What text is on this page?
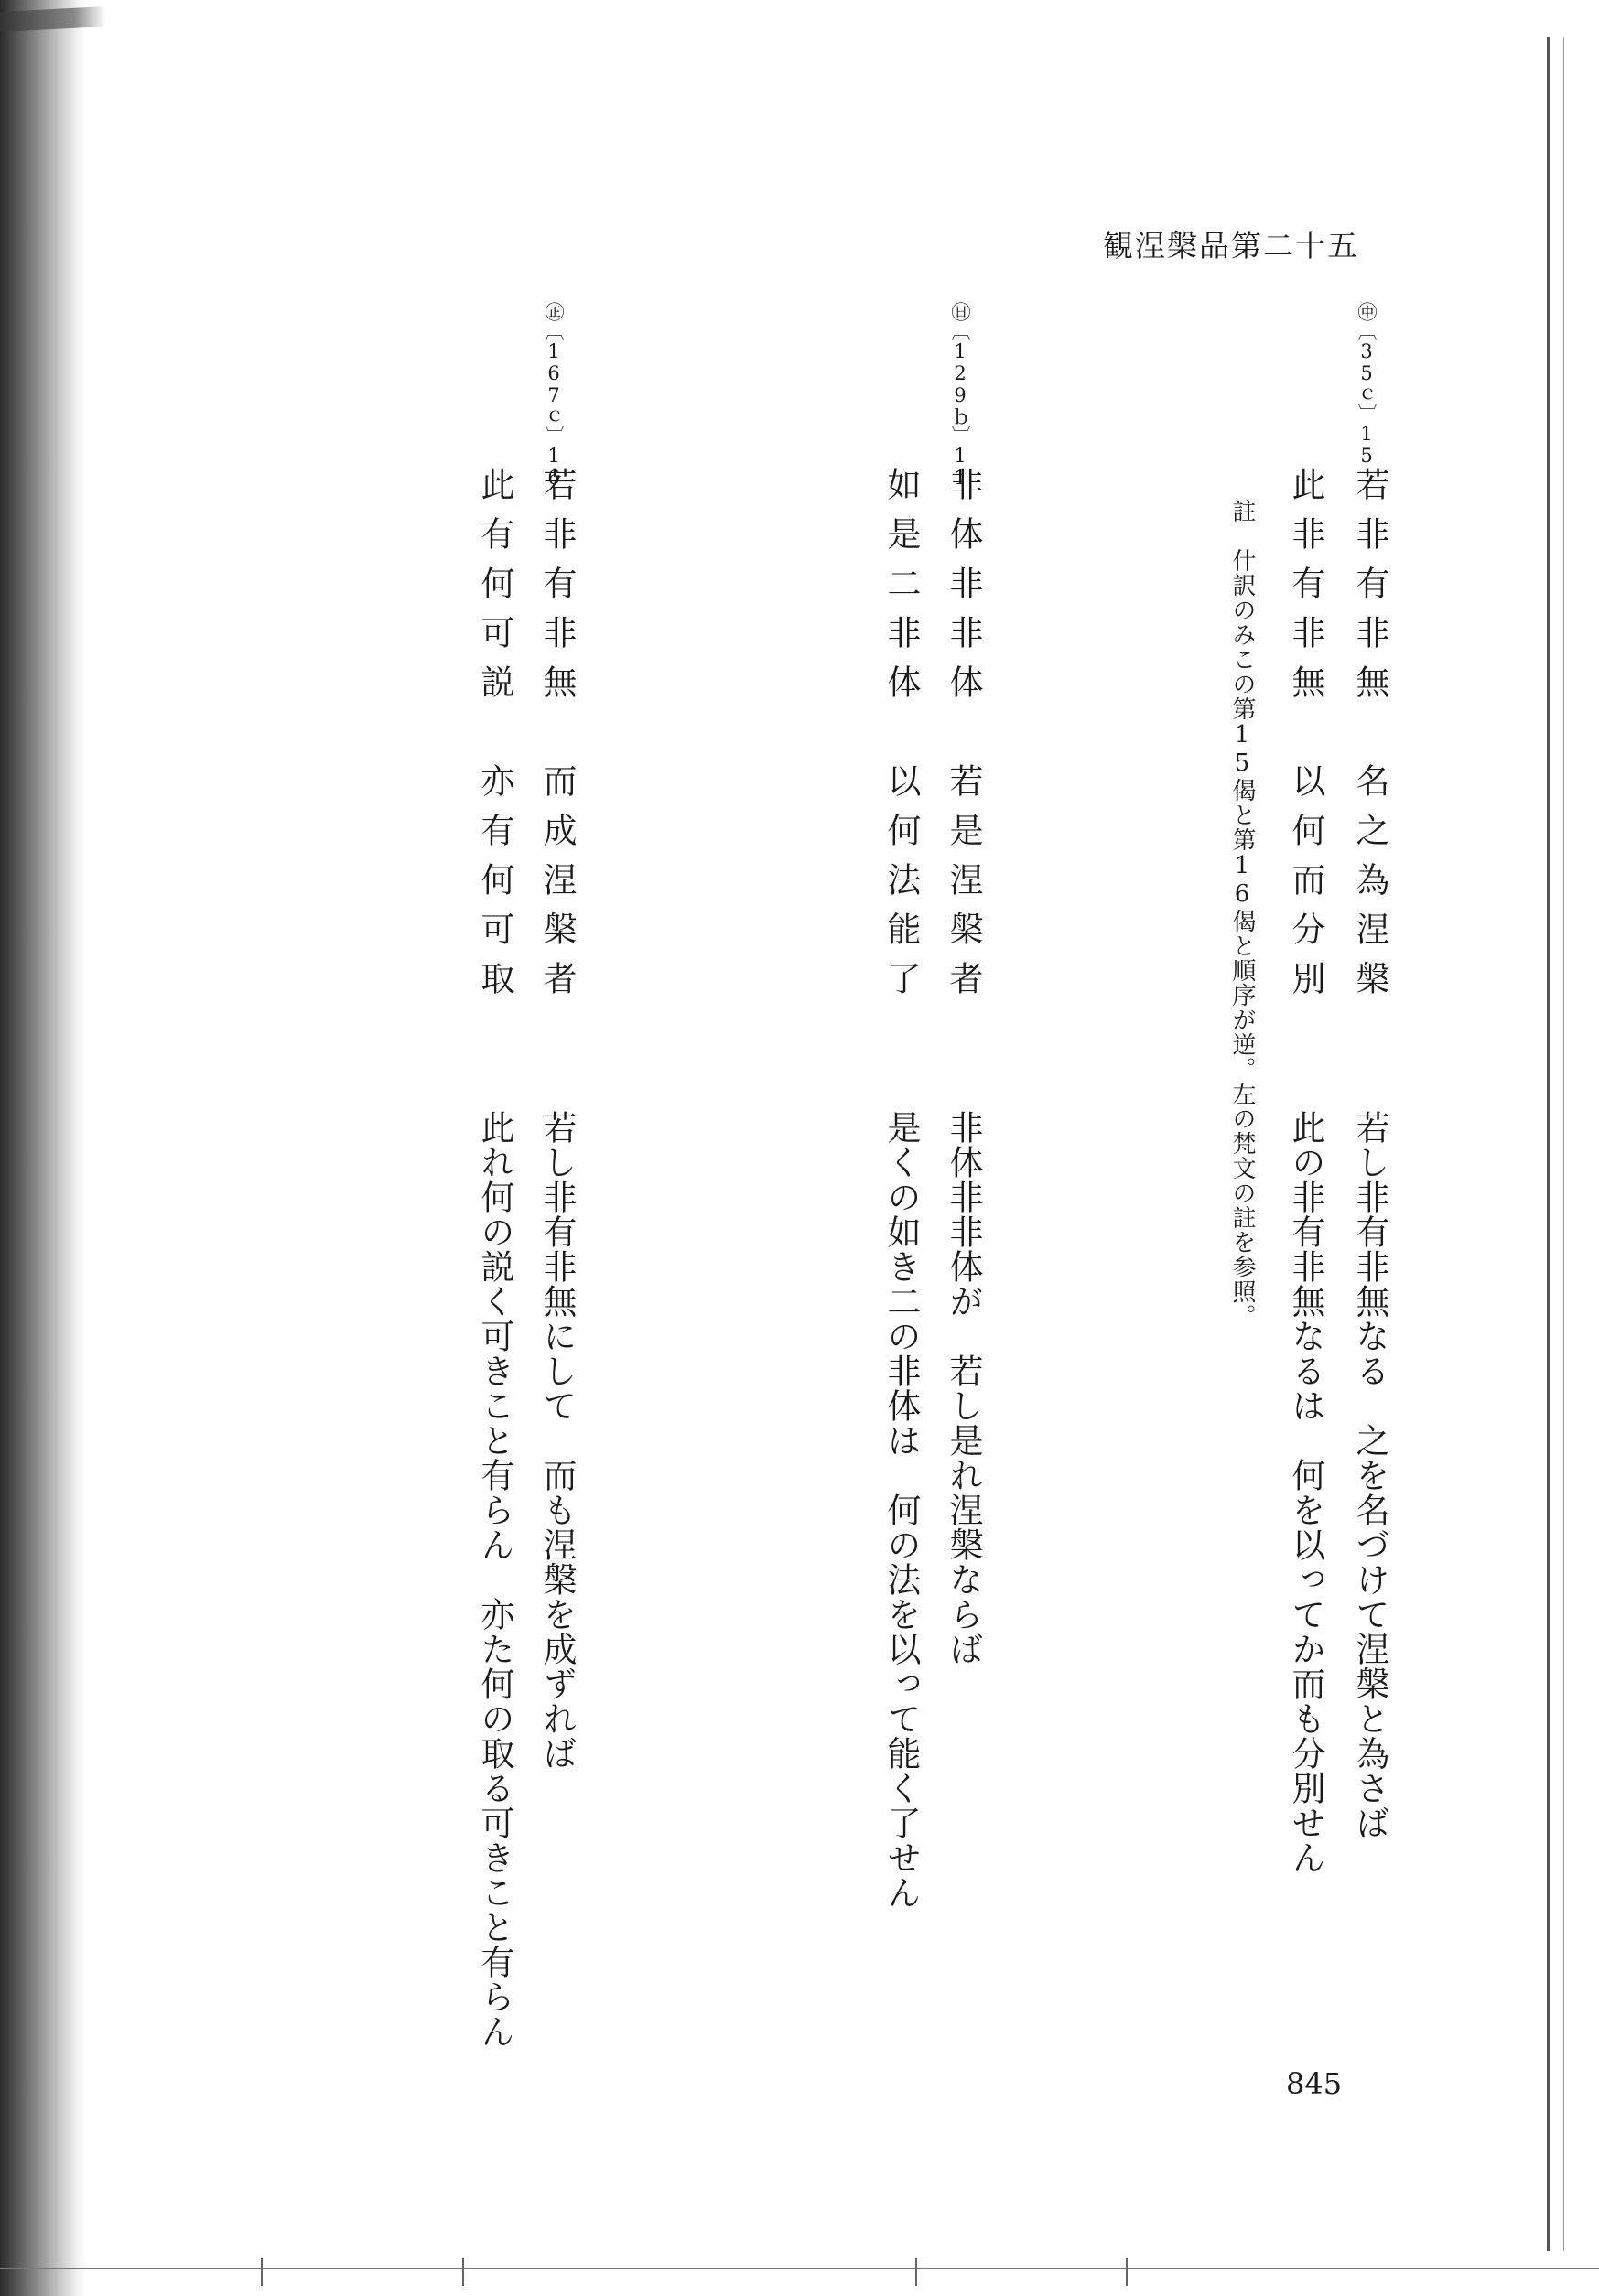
観涅槃品第二十五
㊥〔35ｃ〕15
若非有非無　名之為涅槃
此非有非無　以何而分別
註　什訳のみこの第15偈と第16偈と順序が逆。左の梵文の註を参照。
若し非有非無なる　之を名づけて涅槃と為さば
此の非有非無なるは　何を以ってか而も分別せん
㊐〔129ｂ〕11
非体非非体　若是涅槃者
如是二非体　以何法能了
非体非非体が　若し是れ涅槃ならば
是くの如き二の非体は　何の法を以って能く了せん
㊣〔167ｃ〕16
若非有非無　而成涅槃者
此有何可説　亦有何可取
若し非有非無にして　而も涅槃を成ずれば
此れ何の説く可きこと有らん　亦た何の取る可きこと有らん
845
